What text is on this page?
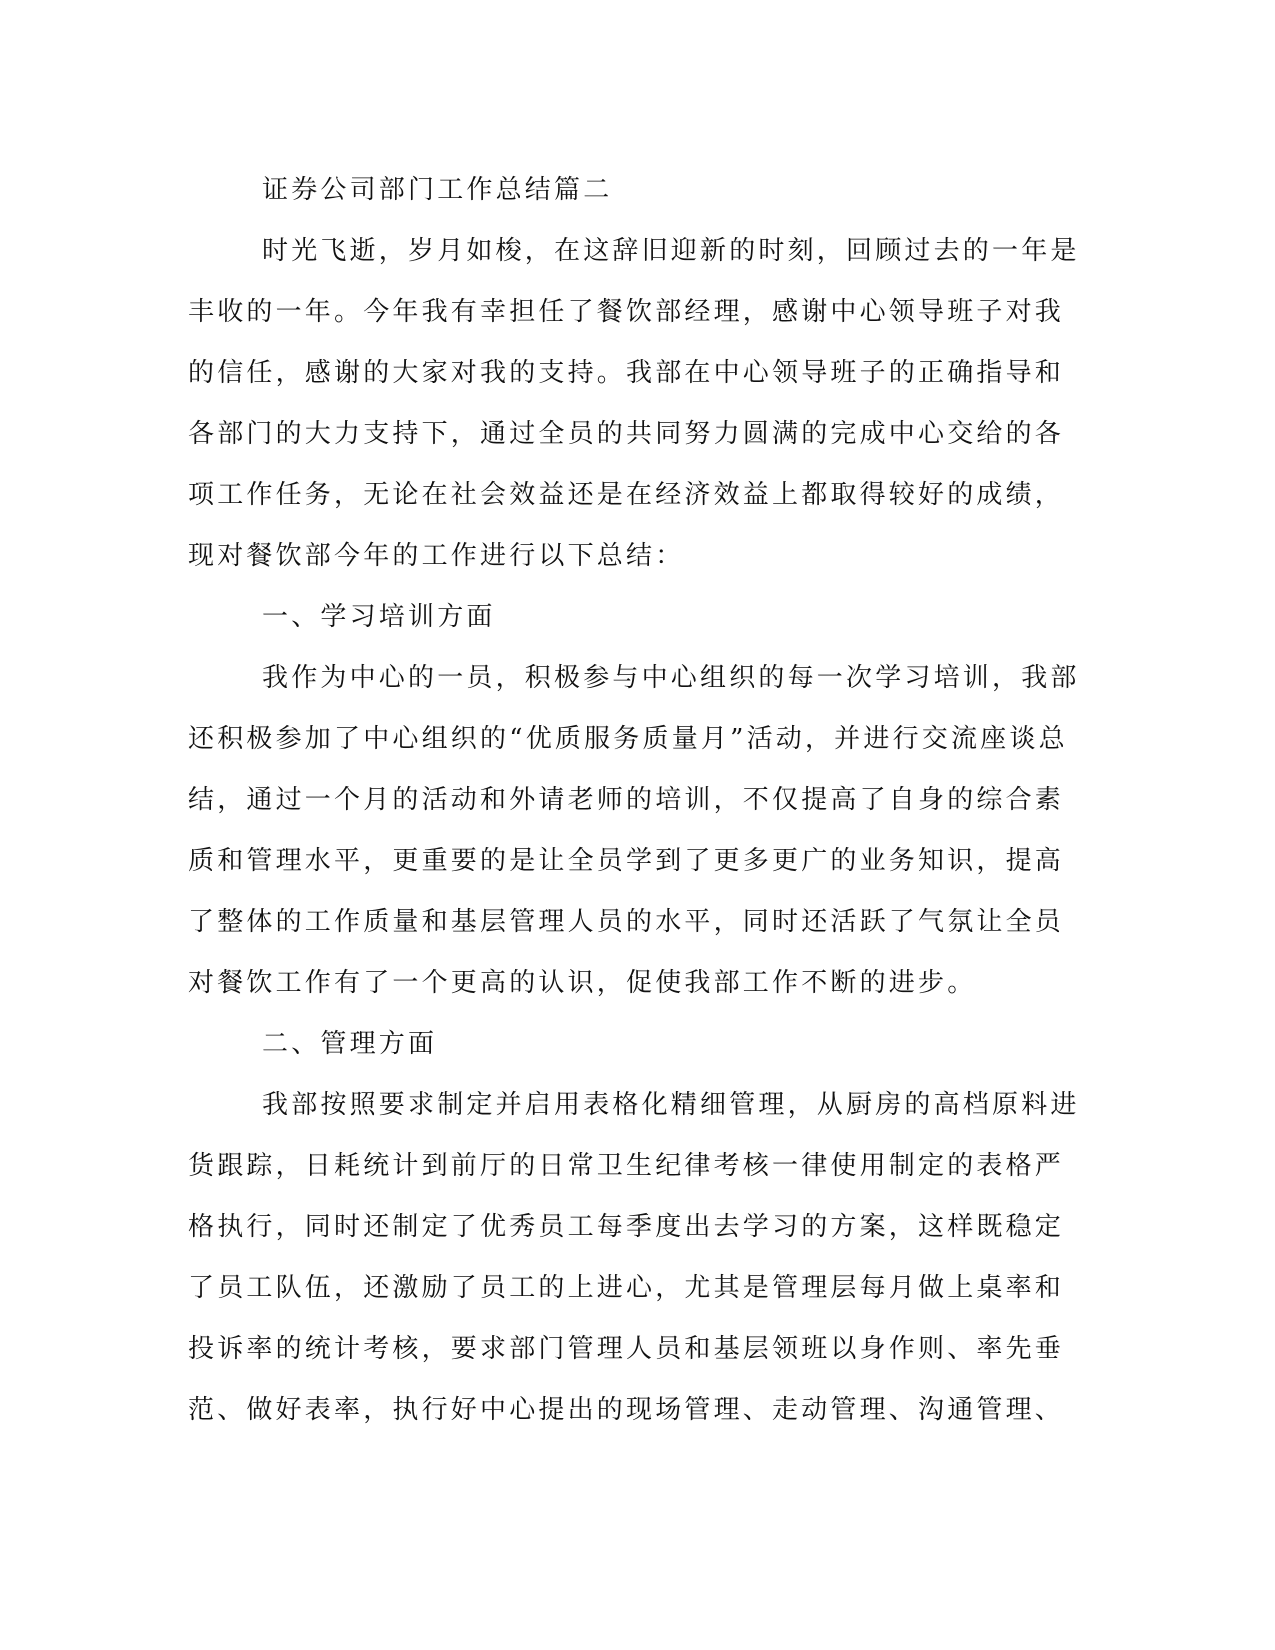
证券公司部门工作总结篇二
时光飞逝，岁月如梭，在这辞旧迎新的时刻，回顾过去的一年是
丰收的一年。今年我有幸担任了餐饮部经理，感谢中心领导班子对我
的信任，感谢的大家对我的支持。我部在中心领导班子的正确指导和
各部门的大力支持下，通过全员的共同努力圆满的完成中心交给的各
项工作任务，无论在社会效益还是在经济效益上都取得较好的成绩，
现对餐饮部今年的工作进行以下总结：
一、学习培训方面
我作为中心的一员，积极参与中心组织的每一次学习培训，我部
还积极参加了中心组织的“优质服务质量月”活动，并进行交流座谈总
结，通过一个月的活动和外请老师的培训，不仅提高了自身的综合素
质和管理水平，更重要的是让全员学到了更多更广的业务知识，提高
了整体的工作质量和基层管理人员的水平，同时还活跃了气氛让全员
对餐饮工作有了一个更高的认识，促使我部工作不断的进步。
二、管理方面
我部按照要求制定并启用表格化精细管理，从厨房的高档原料进
货跟踪，日耗统计到前厅的日常卫生纪律考核一律使用制定的表格严
格执行，同时还制定了优秀员工每季度出去学习的方案，这样既稳定
了员工队伍，还激励了员工的上进心，尤其是管理层每月做上桌率和
投诉率的统计考核，要求部门管理人员和基层领班以身作则、率先垂
范、做好表率，执行好中心提出的现场管理、走动管理、沟通管理、
